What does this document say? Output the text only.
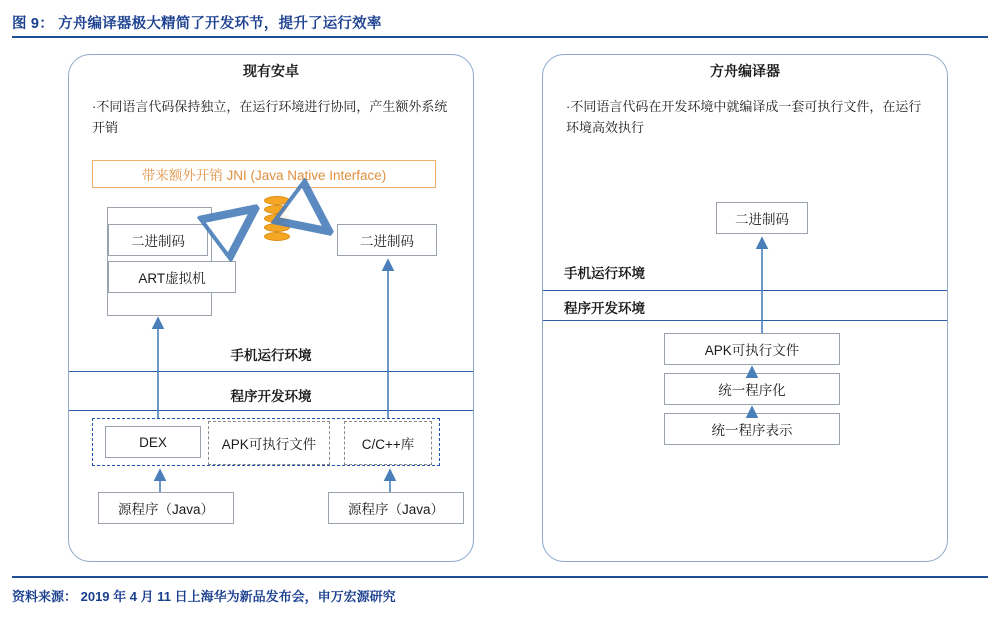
图 9： 方舟编译器极大精简了开发环节，提升了运行效率
现有安卓
·不同语言代码保持独立，在运行环境进行协同，产生额外系统开销
带来额外开销 JNI (Java Native Interface)
二进制码
ART虚拟机
二进制码
手机运行环境
程序开发环境
DEX	APK可执行文件	C/C++库
源程序（Java）	源程序（Java）
方舟编译器
·不同语言代码在开发环境中就编译成一套可执行文件，在运行环境高效执行
二进制码
手机运行环境
程序开发环境
APK可执行文件
统一程序化
统一程序表示
资料来源： 2019 年 4 月 11 日上海华为新品发布会，申万宏源研究
